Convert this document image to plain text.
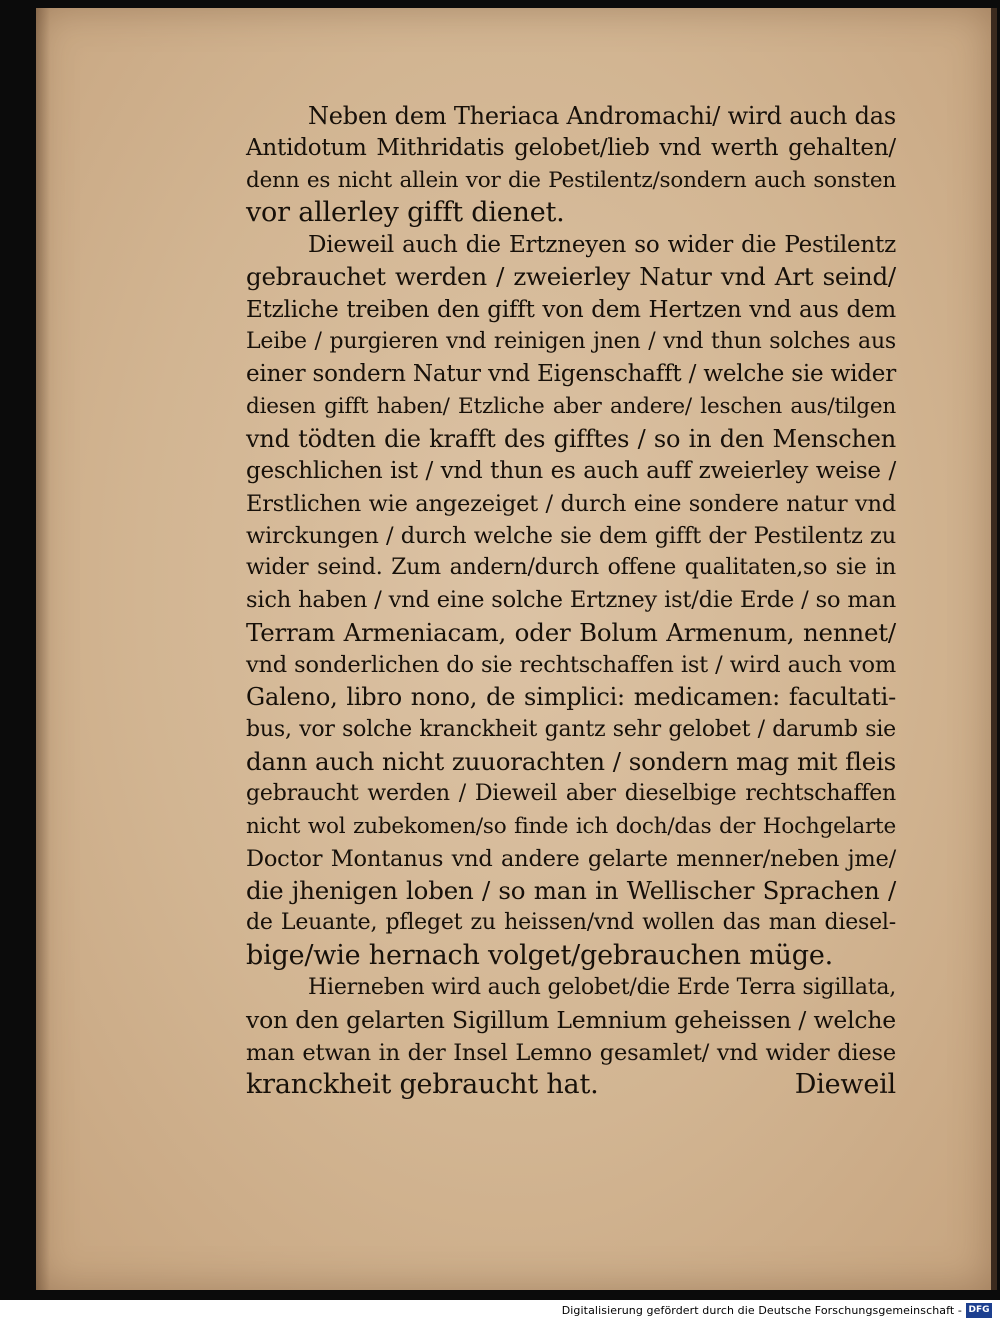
Neben dem Theriaca Andromachi/ wird auch das
Antidotum Mithridatis gelobet/lieb vnd werth gehalten/
denn es nicht allein vor die Pestilentz/sondern auch sonsten
vor allerley gifft dienet.
Dieweil auch die Ertzneyen so wider die Pestilentz
gebrauchet werden / zweierley Natur vnd Art seind/
Etzliche treiben den gifft von dem Hertzen vnd aus dem
Leibe / purgieren vnd reinigen jnen / vnd thun solches aus
einer sondern Natur vnd Eigenschafft / welche sie wider
diesen gifft haben/ Etzliche aber andere/ leschen aus/tilgen
vnd tödten die krafft des gifftes / so in den Menschen
geschlichen ist / vnd thun es auch auff zweierley weise /
Erstlichen wie angezeiget / durch eine sondere natur vnd
wirckungen / durch welche sie dem gifft der Pestilentz zu
wider seind. Zum andern/durch offene qualitaten,so sie in
sich haben / vnd eine solche Ertzney ist/die Erde / so man
Terram Armeniacam, oder Bolum Armenum, nennet/
vnd sonderlichen do sie rechtschaffen ist / wird auch vom
Galeno, libro nono, de simplici: medicamen: facultati-
bus, vor solche kranckheit gantz sehr gelobet / darumb sie
dann auch nicht zuuorachten / sondern mag mit fleis
gebraucht werden / Dieweil aber dieselbige rechtschaffen
nicht wol zubekomen/so finde ich doch/das der Hochgelarte
Doctor Montanus vnd andere gelarte menner/neben jme/
die jhenigen loben / so man in Wellischer Sprachen /
de Leuante, pfleget zu heissen/vnd wollen das man diesel-
bige/wie hernach volget/gebrauchen müge.
Hierneben wird auch gelobet/die Erde Terra sigillata,
von den gelarten Sigillum Lemnium geheissen / welche
man etwan in der Insel Lemno gesamlet/ vnd wider diese
kranckheit gebraucht hat.	Dieweil
Digitalisierung gefördert durch die Deutsche Forschungsgemeinschaft - DFG
